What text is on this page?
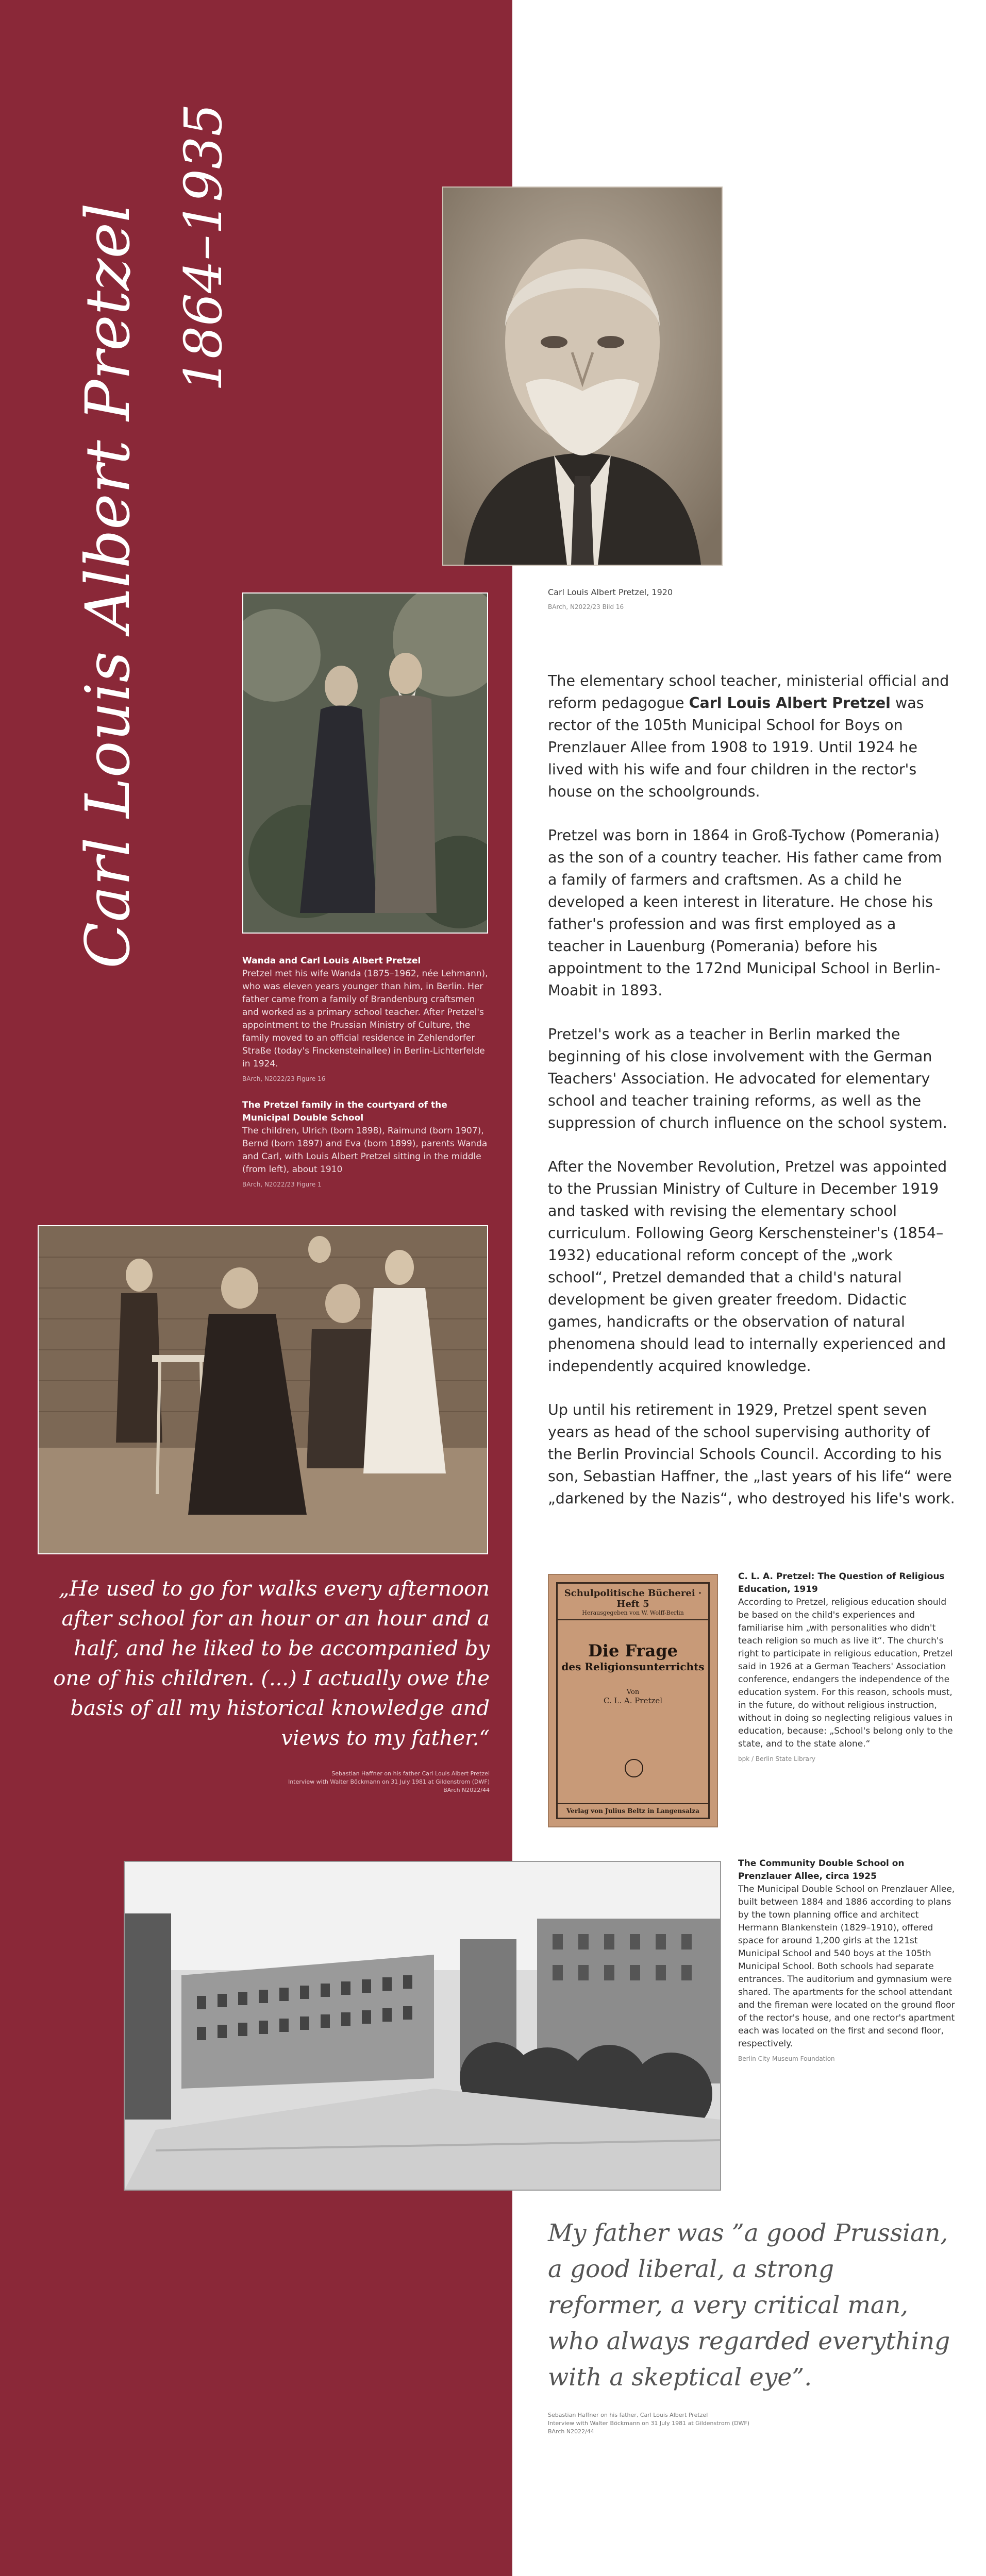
Carl Louis Albert Pretzel 1864–1935
Carl Louis Albert Pretzel, 1920
BArch, N2022/23 Bild 16
Wanda and Carl Louis Albert Pretzel
Pretzel met his wife Wanda (1875–1962, née Lehmann), who was eleven years younger than him, in Berlin. Her father came from a family of Brandenburg craftsmen and worked as a primary school teacher. After Pretzel's appointment to the Prussian Ministry of Culture, the family moved to an official residence in Zehlendorfer Straße (today's Finckensteinallee) in Berlin-Lichterfelde in 1924.
BArch, N2022/23 Figure 16
The Pretzel family in the courtyard of the Municipal Double School
The children, Ulrich (born 1898), Raimund (born 1907), Bernd (born 1897) and Eva (born 1899), parents Wanda and Carl, with Louis Albert Pretzel sitting in the middle (from left), about 1910
BArch, N2022/23 Figure 1

The elementary school teacher, ministerial official and reform pedagogue Carl Louis Albert Pretzel was rector of the 105th Municipal School for Boys on Prenzlauer Allee from 1908 to 1919. Until 1924 he lived with his wife and four children in the rector's house on the schoolgrounds.

Pretzel was born in 1864 in Groß-Tychow (Pomerania) as the son of a country teacher. His father came from a family of farmers and craftsmen. As a child he developed a keen interest in literature. He chose his father's profession and was first employed as a teacher in Lauenburg (Pomerania) before his appointment to the 172nd Municipal School in Berlin-Moabit in 1893.

Pretzel's work as a teacher in Berlin marked the beginning of his close involvement with the German Teachers' Association. He advocated for elementary school and teacher training reforms, as well as the suppression of church influence on the school system.

After the November Revolution, Pretzel was appointed to the Prussian Ministry of Culture in December 1919 and tasked with revising the elementary school curriculum. Following Georg Kerschensteiner's (1854–1932) educational reform concept of the „work school“, Pretzel demanded that a child's natural development be given greater freedom. Didactic games, handicrafts or the observation of natural phenomena should lead to internally experienced and independently acquired knowledge.

Up until his retirement in 1929, Pretzel spent seven years as head of the school supervising authority of the Berlin Provincial Schools Council. According to his son, Sebastian Haffner, the „last years of his life“ were „darkened by the Nazis“, who destroyed his life's work.

„He used to go for walks every afternoon after school for an hour or an hour and a half, and he liked to be accompanied by one of his children. (...) I actually owe the basis of all my historical knowledge and views to my father.“
Sebastian Haffner on his father Carl Louis Albert Pretzel
Interview with Walter Böckmann on 31 July 1981 at Gildenstrom (DWF)
BArch N2022/44
Schulpolitische Bücherei · Heft 5
Herausgegeben von W. Wolff-Berlin
Die Frage
des Religionsunterrichts
Von
C. L. A. Pretzel
Verlag von Julius Beltz in Langensalza
C. L. A. Pretzel: The Question of Religious Education, 1919
According to Pretzel, religious education should be based on the child's experiences and familiarise him „with personalities who didn't teach religion so much as live it“. The church's right to participate in religious education, Pretzel said in 1926 at a German Teachers' Association conference, endangers the independence of the education system. For this reason, schools must, in the future, do without religious instruction, without in doing so neglecting religious values in education, because: „School's belong only to the state, and to the state alone.“
bpk / Berlin State Library
The Community Double School on Prenzlauer Allee, circa 1925
The Municipal Double School on Prenzlauer Allee, built between 1884 and 1886 according to plans by the town planning office and architect Hermann Blankenstein (1829–1910), offered space for around 1,200 girls at the 121st Municipal School and 540 boys at the 105th Municipal School. Both schools had separate entrances. The auditorium and gymnasium were shared. The apartments for the school attendant and the fireman were located on the ground floor of the rector's house, and one rector's apartment each was located on the first and second floor, respectively.
Berlin City Museum Foundation
My father was ”a good Prussian, a good liberal, a strong reformer, a very critical man, who always regarded everything with a skeptical eye”.
Sebastian Haffner on his father, Carl Louis Albert Pretzel
Interview with Walter Böckmann on 31 July 1981 at Gildenstrom (DWF)
BArch N2022/44
